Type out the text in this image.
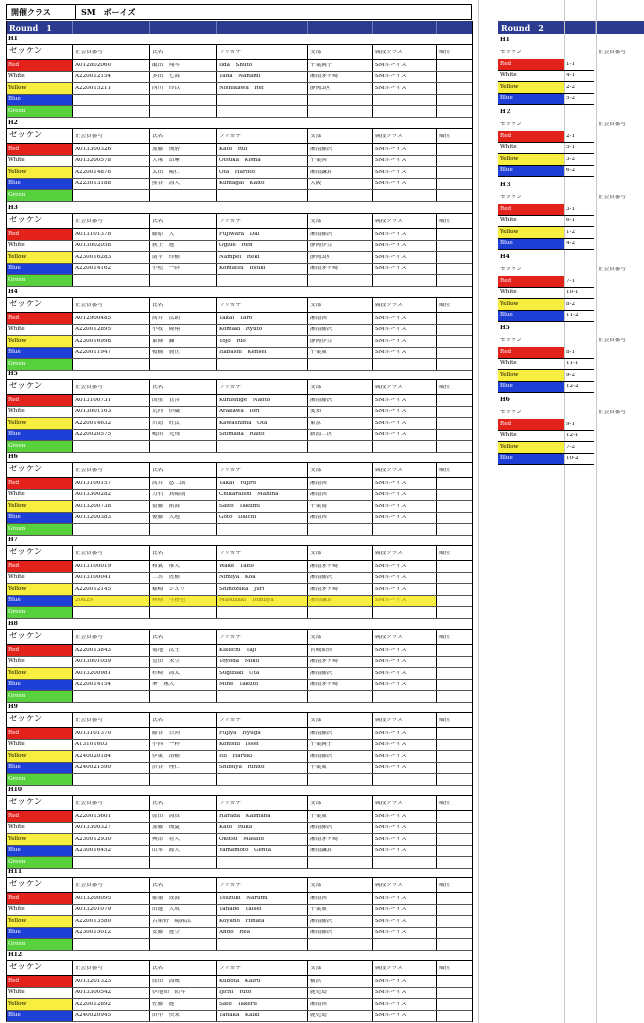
開催クラス	SM　ボーイズ
Round　1
H1
ゼッケン	正会員番号	氏名	フリガナ	支部	競技クラス	順位
Red	A012802060	飯田　翔斗	Iida　Shuto	千葉銚子	SMボーイズ
White	A220012154	多田　七海	Tada　Nanami	湘南茅ヶ崎	SMボーイズ
Yellow	A220015211	西川　玲以	Nishikawa　Rei	静岡3区	SMボーイズ
Blue
Green
H2
ゼッケン	正会員番号	氏名	フリガナ	支部	競技クラス	順位
Red	A013300326	加藤　琉碧	Kato　Rui	湘南藤沢	SMボーイズ
White	A013200578	大塚　昂摩	Otsuka　Koma	千葉西	SMボーイズ
Yellow	A220014878	太田　陽仁	Ota　Haruto	湘南鎌倉	SMボーイズ
Blue	A223013188	熊谷　海人	Kumagai　Kaito	大阪	SMボーイズ
Green
H3
ゼッケン	正会員番号	氏名	フリガナ	支部	競技クラス	順位
Red	A013101378	藤原　大	Fujiwara　Dai	湘南藤沢	SMボーイズ
White	A013002058	荻上　蓮	Ogiue　Ren	静岡伊豆	SMボーイズ
Yellow	A230016283	南平　玲樹	Nampei　Reki	静岡3区	SMボーイズ
Blue	A220014162	小松　一絆	Komatsu　Itsuki	湘南茅ヶ崎	SMボーイズ
Green
H4
ゼッケン	正会員番号	氏名	フリガナ	支部	競技クラス	順位
Red	A012900485	高井　汰朗	Takai　Taro	湘南西	SMボーイズ
White	A220012895	小牧　隆翔	Komaki　Ryuto	湘南藤沢	SMボーイズ
Yellow	A230016998	東條　獅	Tojo　Rio	静岡伊豆	SMボーイズ
Blue	A220011947	板橋　賢正	Itabashi　Kensei	千葉東	SMボーイズ
Green
H5
ゼッケン	正会員番号	氏名	フリガナ	支部	競技クラス	順位
Red	A013100731	国重　直音	Kunishige　Naoto	湘南藤沢	SMボーイズ
White	A013001163	荒河　伊織	Arakawa　Iori	愛知	SMボーイズ
Yellow	A220014632	川島　旺汰	Kawashima　Ota	東京	SMボーイズ
Blue	A220020575	嶋田　光飛	Shimada　Raito	新潟二区	SMボーイズ
Green
H6
ゼッケン	正会員番号	氏名	フリガナ	支部	競技クラス	順位
Red	A013100157	高井　悠二朗	Takai　Yujiro	湘南西	SMボーイズ
White	A013300282	力石　真陽南	Chikaraishi　Mahina	湘南西	SMボーイズ
Yellow	A013200738	齋藤　拓海	Saito　Takumi	千葉南	SMボーイズ
Blue	A013200383	後藤　大地	Goto　Daichi	湘南西	SMボーイズ
Green
H7
ゼッケン	正会員番号	氏名	フリガナ	支部	競技クラス	順位
Red	A013100019	和氣　堆人	Wake　Taito	湘南茅ヶ崎	SMボーイズ
White	A013100041	二宮　虎樹	Nimiya　Koa	湘南藤沢	SMボーイズ
Yellow	A220012145	篠崎　ジュリ	Shinozuka　Juri	湘南茅ヶ崎	SMボーイズ
Blue	20629	桝崎　斗務也	Masuzaki　Tomuya	湘南鎌倉	SMボーイズ
Green
H8
ゼッケン	正会員番号	氏名	フリガナ	支部	競技クラス	順位
Red	A220013843	菊地　汰士	Kikuchi　Taji	宮城仙台	SMボーイズ
White	A013001059	豊田　未空	Toyoda　Miku	湘南茅ヶ崎	SMボーイズ
Yellow	A013200981	杉崎　海太	Sugizaki　Uta	湘南藤沢	SMボーイズ
Blue	A220014154	峯　琢人	Mine　Takuto	湘南茅ヶ崎	SMボーイズ
Green
H9
ゼッケン	正会員番号	氏名	フリガナ	支部	競技クラス	順位
Red	A013101370	藤谷　日向	Fujiya　Hyuga	湘南藤沢	SMボーイズ
White	A13101603	小西　一粋	Konishi　Issei	千葉銚子	SMボーイズ
Yellow	A240020184	伊東　治樹	Ito　Haruki	湘南藤沢	SMボーイズ
Blue	A240021590	渋谷　理仁	Shibuya　Rihito	千葉東	SMボーイズ
Green
H10
ゼッケン	正会員番号	氏名	フリガナ	支部	競技クラス	順位
Red	A220013601	原田　海真	Harada　Kaimana	千葉東	SMボーイズ
White	A013300327	加藤　琉夏	Kato　Ruka	湘南藤沢	SMボーイズ
Yellow	A230012930	興津　将人	Okitsu　Masato	湘南茅ヶ崎	SMボーイズ
Blue	A230016452	山本　源大	Yamamoto　Genta	湘南鎌倉	SMボーイズ
Green
H11
ゼッケン	正会員番号	氏名	フリガナ	支部	競技クラス	順位
Red	A013200095	都築　成海	Tsuzuki　Narumi	湘南西	SMボーイズ
White	A013201079	田邊　大成	Tanabe　Taisei	千葉東	SMボーイズ
Yellow	A220013580	古屋野　陽銘汰	Koyano　Hinata	湘南藤沢	SMボーイズ
Blue	A230015012	安藤　蓮空	Ando　Rea	湘南藤沢	SMボーイズ
Green
H12
ゼッケン	正会員番号	氏名	フリガナ	支部	競技クラス	順位
Red	A013201323	窪田　海琉	Kubota　Kairu	横浜	SMボーイズ
White	A013300542	伊地知　佑斗	Ijichi　Yuto	鹿児島	SMボーイズ
Yellow	A220012892	佐藤　健	Sato　Takeru	湘南西	SMボーイズ
Blue	A240020945	田中　快来	Tanaka　Kaiki	鹿児島	SMボーイズ
Round　2
H1
ゼッケン	正会員番号
Red	1-1
White	4-1
Yellow	2-2
Blue	5-2
H２
ゼッケン	正会員番号
Red	2-1
White	5-1
Yellow	3-2
Blue	6-2
H３
ゼッケン	正会員番号
Red	3-1
White	6-1
Yellow	1-2
Blue	4-2
H4
ゼッケン	正会員番号
Red	7-1
White	10-1
Yellow	8-2
Blue	11-2
H5
ゼッケン	正会員番号
Red	8-1
White	11-1
Yellow	9-2
Blue	12-2
H6
ゼッケン	正会員番号
Red	9-1
White	12-1
Yellow	7-2
Blue	10-2
